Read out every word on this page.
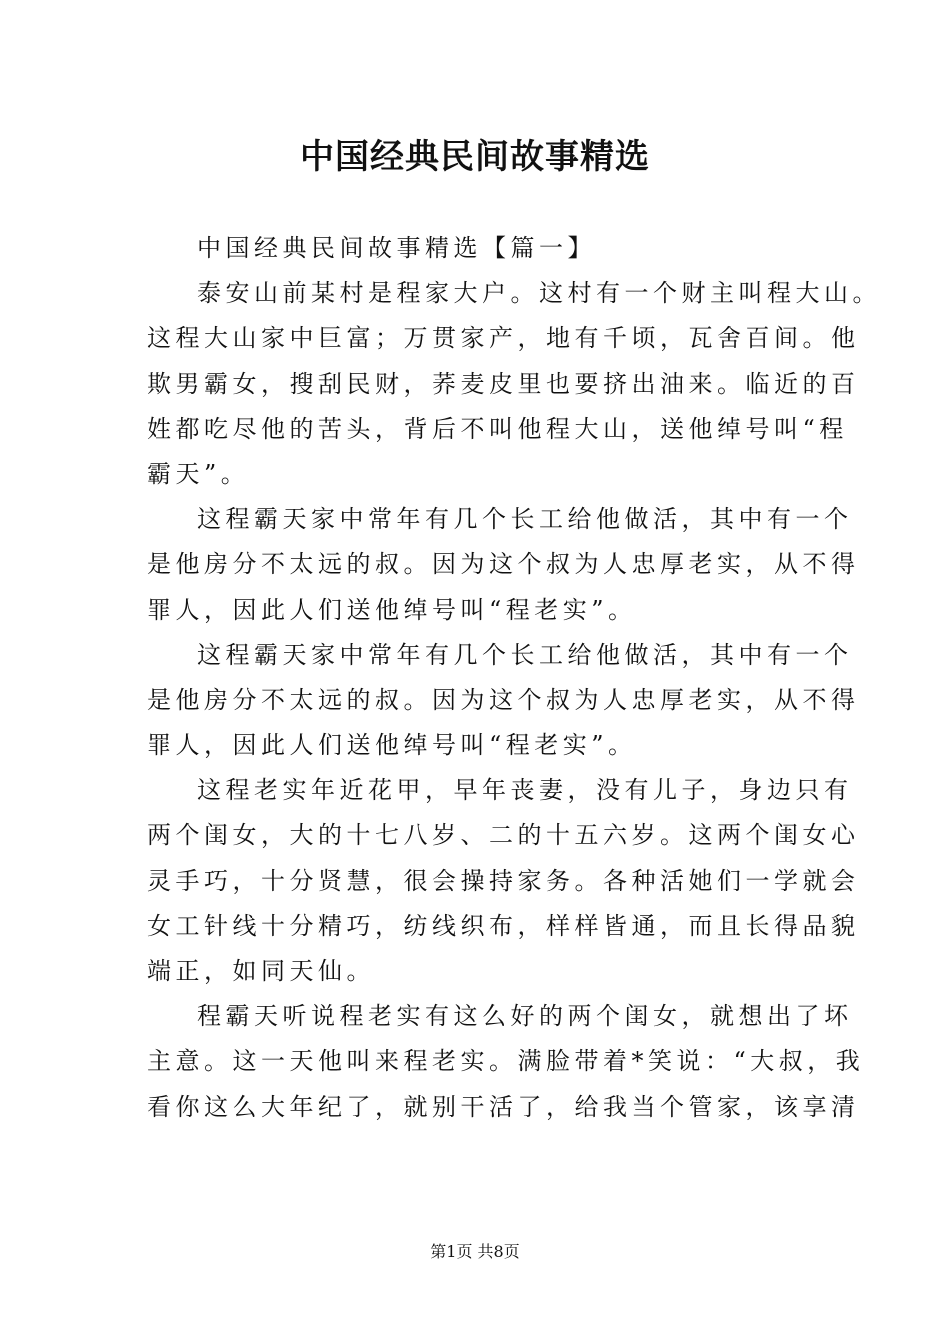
中国经典民间故事精选

中国经典民间故事精选【篇一】

泰安山前某村是程家大户。这村有一个财主叫程大山。

这程大山家中巨富；万贯家产，地有千顷，瓦舍百间。他

欺男霸女，搜刮民财，荞麦皮里也要挤出油来。临近的百

姓都吃尽他的苦头，背后不叫他程大山，送他绰号叫“程

霸天”。

这程霸天家中常年有几个长工给他做活，其中有一个

是他房分不太远的叔。因为这个叔为人忠厚老实，从不得

罪人，因此人们送他绰号叫“程老实”。

这程霸天家中常年有几个长工给他做活，其中有一个

是他房分不太远的叔。因为这个叔为人忠厚老实，从不得

罪人，因此人们送他绰号叫“程老实”。

这程老实年近花甲，早年丧妻，没有儿子，身边只有

两个闺女，大的十七八岁、二的十五六岁。这两个闺女心

灵手巧，十分贤慧，很会操持家务。各种活她们一学就会

女工针线十分精巧，纺线织布，样样皆通，而且长得品貌

端正，如同天仙。

程霸天听说程老实有这么好的两个闺女，就想出了坏

主意。这一天他叫来程老实。满脸带着*笑说：“大叔，我

看你这么大年纪了，就别干活了，给我当个管家，该享清

第1页 共8页
